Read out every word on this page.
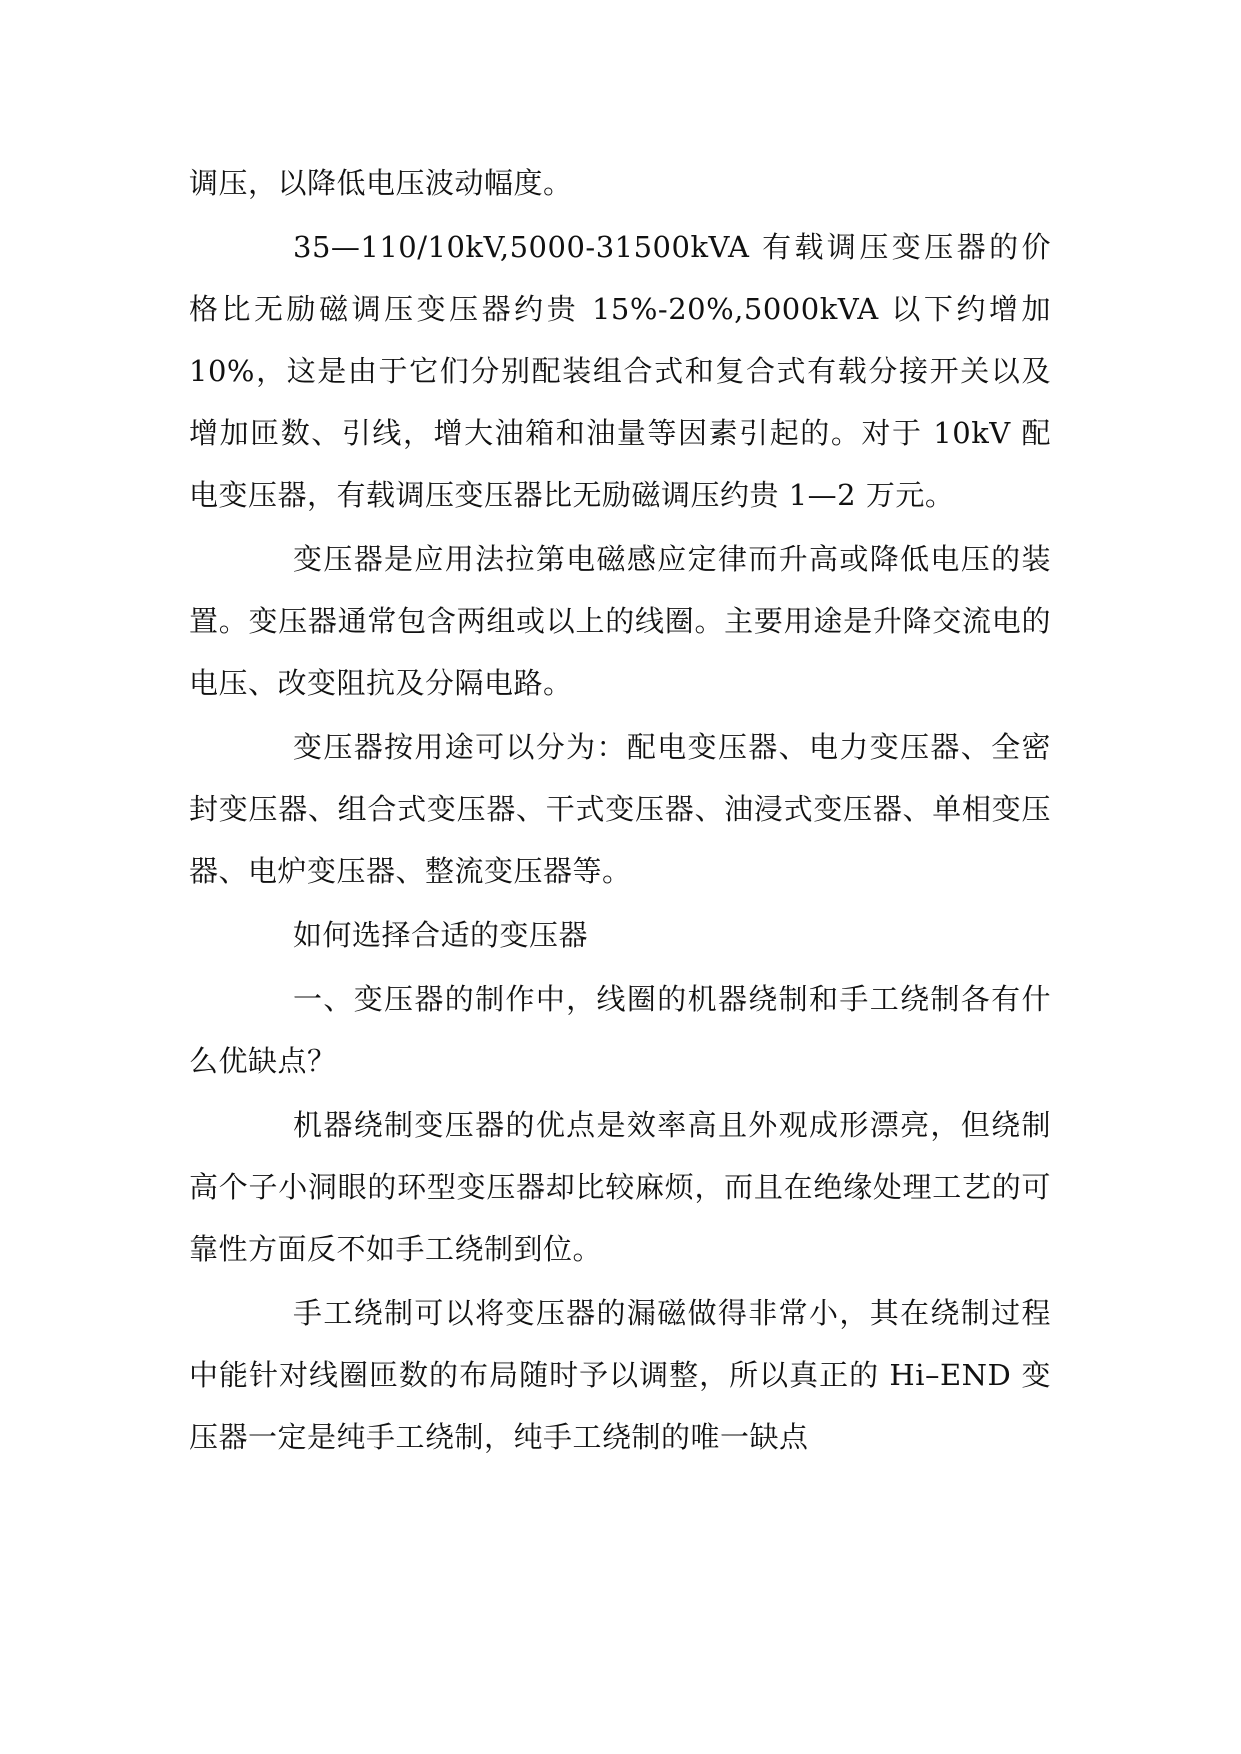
调压，以降低电压波动幅度。

35—110/10kV,5000-31500kVA 有载调压变压器的价格比无励磁调压变压器约贵 15%-20%,5000kVA 以下约增加 10%，这是由于它们分别配装组合式和复合式有载分接开关以及增加匝数、引线，增大油箱和油量等因素引起的。对于 10kV 配电变压器，有载调压变压器比无励磁调压约贵 1—2 万元。

变压器是应用法拉第电磁感应定律而升高或降低电压的装置。变压器通常包含两组或以上的线圈。主要用途是升降交流电的电压、改变阻抗及分隔电路。

变压器按用途可以分为：配电变压器、电力变压器、全密封变压器、组合式变压器、干式变压器、油浸式变压器、单相变压器、电炉变压器、整流变压器等。

如何选择合适的变压器

一、变压器的制作中，线圈的机器绕制和手工绕制各有什么优缺点？

机器绕制变压器的优点是效率高且外观成形漂亮，但绕制高个子小洞眼的环型变压器却比较麻烦，而且在绝缘处理工艺的可靠性方面反不如手工绕制到位。

手工绕制可以将变压器的漏磁做得非常小，其在绕制过程中能针对线圈匝数的布局随时予以调整，所以真正的 Hi–END 变压器一定是纯手工绕制，纯手工绕制的唯一缺点
